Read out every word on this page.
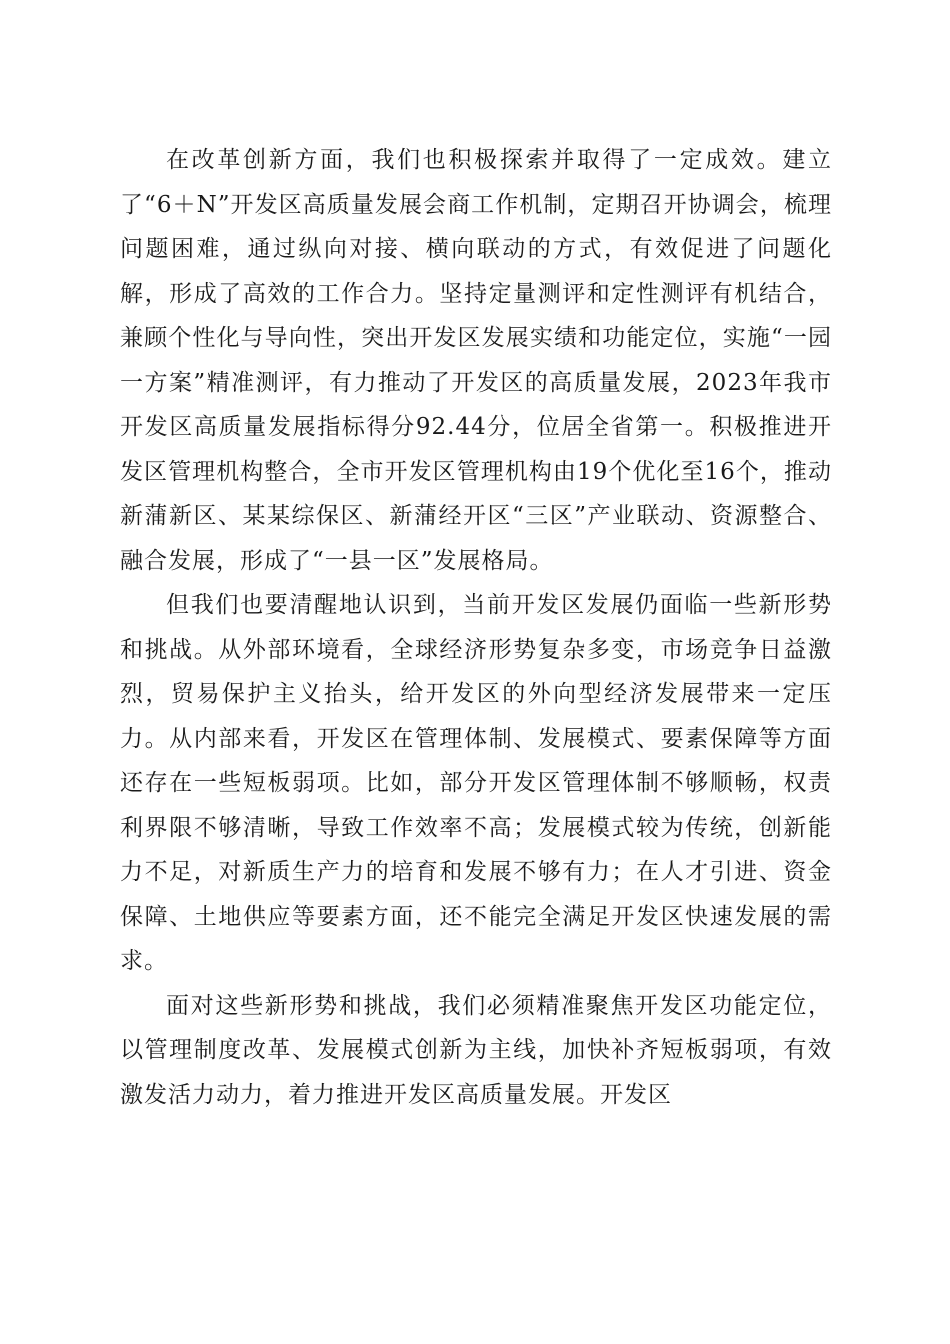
在改革创新方面，我们也积极探索并取得了一定成效。建立了“6＋N”开发区高质量发展会商工作机制，定期召开协调会，梳理问题困难，通过纵向对接、横向联动的方式，有效促进了问题化解，形成了高效的工作合力。坚持定量测评和定性测评有机结合，兼顾个性化与导向性，突出开发区发展实绩和功能定位，实施“一园一方案”精准测评，有力推动了开发区的高质量发展，2023年我市开发区高质量发展指标得分92.44分，位居全省第一。积极推进开发区管理机构整合，全市开发区管理机构由19个优化至16个，推动新蒲新区、某某综保区、新蒲经开区“三区”产业联动、资源整合、融合发展，形成了“一县一区”发展格局。

但我们也要清醒地认识到，当前开发区发展仍面临一些新形势和挑战。从外部环境看，全球经济形势复杂多变，市场竞争日益激烈，贸易保护主义抬头，给开发区的外向型经济发展带来一定压力。从内部来看，开发区在管理体制、发展模式、要素保障等方面还存在一些短板弱项。比如，部分开发区管理体制不够顺畅，权责利界限不够清晰，导致工作效率不高；发展模式较为传统，创新能力不足，对新质生产力的培育和发展不够有力；在人才引进、资金保障、土地供应等要素方面，还不能完全满足开发区快速发展的需求。

面对这些新形势和挑战，我们必须精准聚焦开发区功能定位，以管理制度改革、发展模式创新为主线，加快补齐短板弱项，有效激发活力动力，着力推进开发区高质量发展。开发区
